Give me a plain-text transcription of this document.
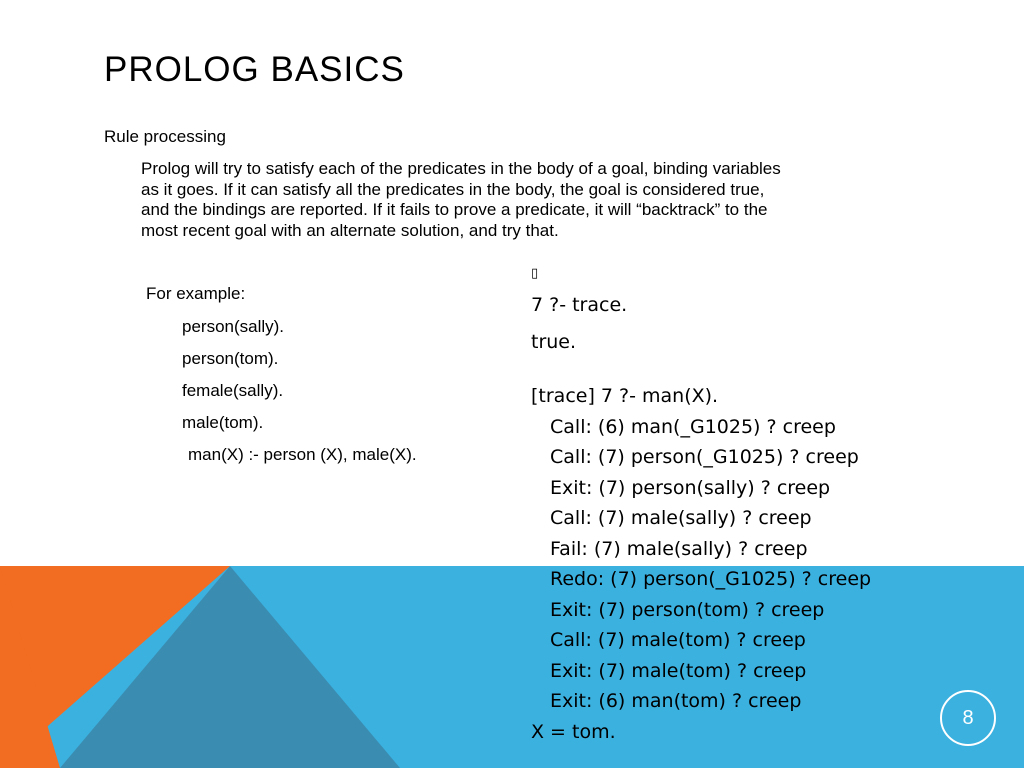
PROLOG BASICS
Rule processing
Prolog will try to satisfy each of the predicates in the body of a goal, binding variables
as it goes. If it can satisfy all the predicates in the body, the goal is considered true,
and the bindings are reported. If it fails to prove a predicate, it will “backtrack” to the
most recent goal with an alternate solution, and try that.
For example:
person(sally).
person(tom).
female(sally).
male(tom).
man(X) :- person (X), male(X).
▯
7 ?- trace.
true.
[trace] 7 ?- man(X).
Call: (6) man(_G1025) ? creep
Call: (7) person(_G1025) ? creep
Exit: (7) person(sally) ? creep
Call: (7) male(sally) ? creep
Fail: (7) male(sally) ? creep
Redo: (7) person(_G1025) ? creep
Exit: (7) person(tom) ? creep
Call: (7) male(tom) ? creep
Exit: (7) male(tom) ? creep
Exit: (6) man(tom) ? creep
X = tom.
8
